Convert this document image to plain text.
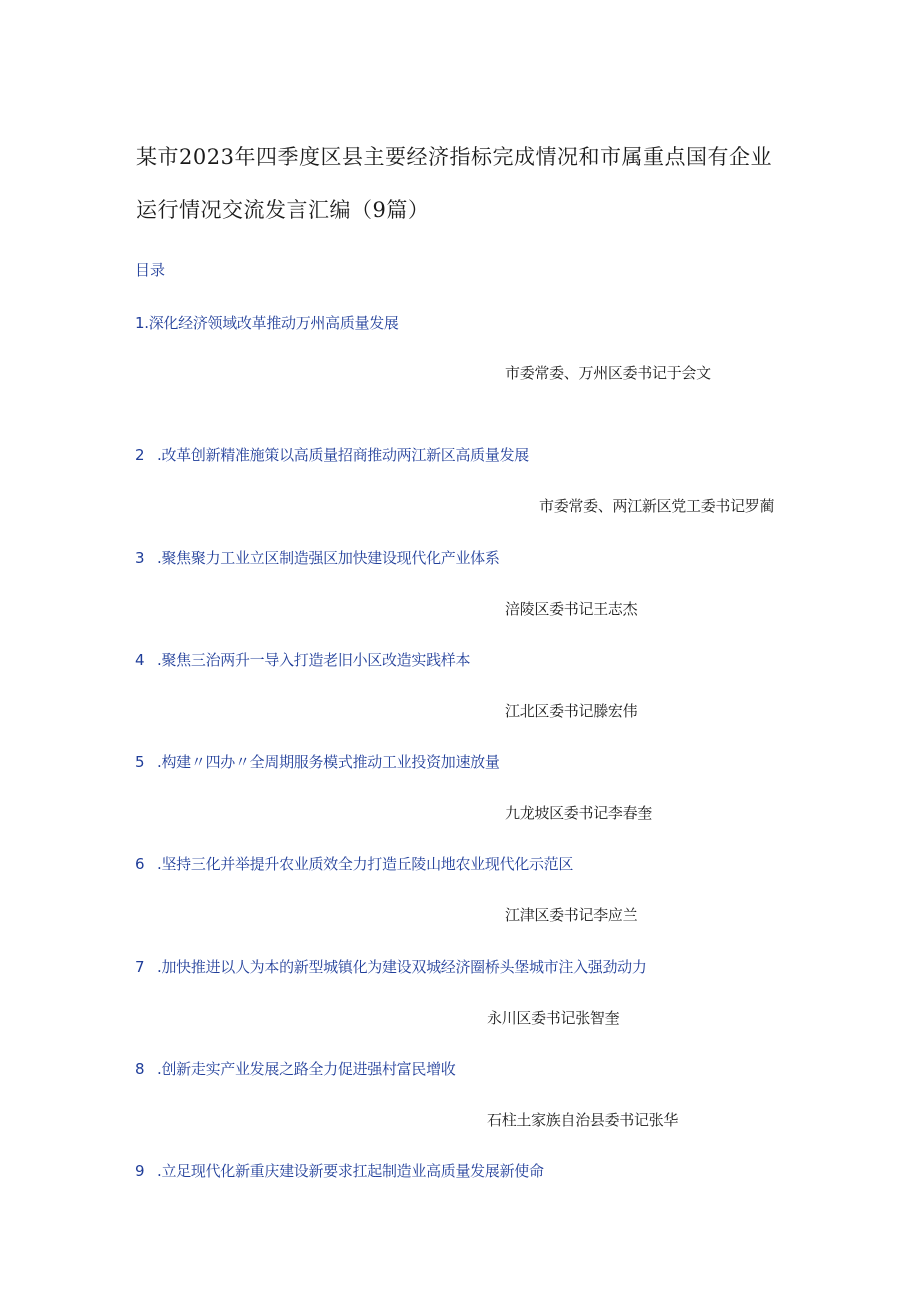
某市2023年四季度区县主要经济指标完成情况和市属重点国有企业
运行情况交流发言汇编（9篇）
目录
1.深化经济领域改革推动万州高质量发展
市委常委、万州区委书记于会文
2 .改革创新精准施策以高质量招商推动两江新区高质量发展
市委常委、两江新区党工委书记罗蔺
3 .聚焦聚力工业立区制造强区加快建设现代化产业体系
涪陵区委书记王志杰
4 .聚焦三治两升一导入打造老旧小区改造实践样本
江北区委书记滕宏伟
5 .构建〃四办〃全周期服务模式推动工业投资加速放量
九龙坡区委书记李春奎
6 .坚持三化并举提升农业质效全力打造丘陵山地农业现代化示范区
江津区委书记李应兰
7 .加快推进以人为本的新型城镇化为建设双城经济圈桥头堡城市注入强劲动力
永川区委书记张智奎
8 .创新走实产业发展之路全力促进强村富民增收
石柱土家族自治县委书记张华
9 .立足现代化新重庆建设新要求扛起制造业高质量发展新使命
